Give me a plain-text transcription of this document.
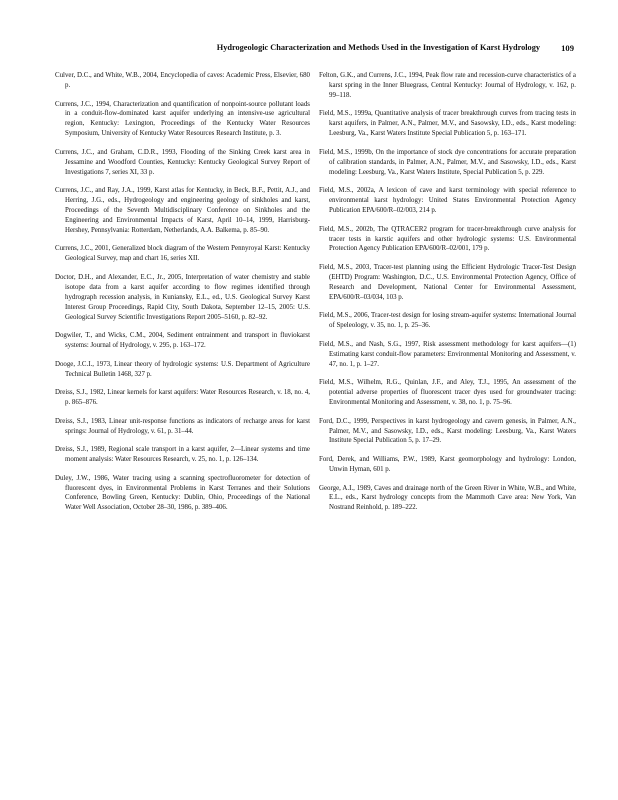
Hydrogeologic Characterization and Methods Used in the Investigation of Karst Hydrology 109

Culver, D.C., and White, W.B., 2004, Encyclopedia of caves: Academic Press, Elsevier, 680 p.

Currens, J.C., 1994, Characterization and quantification of nonpoint-source pollutant loads in a conduit-flow-dominated karst aquifer underlying an intensive-use agricultural region, Kentucky: Lexington, Proceedings of the Kentucky Water Resources Symposium, University of Kentucky Water Resources Research Institute, p. 3.

Currens, J.C., and Graham, C.D.R., 1993, Flooding of the Sinking Creek karst area in Jessamine and Woodford Counties, Kentucky: Kentucky Geological Survey Report of Investigations 7, series XI, 33 p.

Currens, J.C., and Ray, J.A., 1999, Karst atlas for Kentucky, in Beck, B.F., Pettit, A.J., and Herring, J.G., eds., Hydrogeology and engineering geology of sinkholes and karst, Proceedings of the Seventh Multidisciplinary Conference on Sinkholes and the Engineering and Environmental Impacts of Karst, April 10–14, 1999, Harrisburg-Hershey, Pennsylvania: Rotterdam, Netherlands, A.A. Balkema, p. 85–90.

Currens, J.C., 2001, Generalized block diagram of the Western Pennyroyal Karst: Kentucky Geological Survey, map and chart 16, series XII.

Doctor, D.H., and Alexander, E.C., Jr., 2005, Interpretation of water chemistry and stable isotope data from a karst aquifer according to flow regimes identified through hydrograph recession analysis, in Kuniansky, E.L., ed., U.S. Geological Survey Karst Interest Group Proceedings, Rapid City, South Dakota, September 12–15, 2005: U.S. Geological Survey Scientific Investigations Report 2005–5160, p. 82–92.

Dogwiler, T., and Wicks, C.M., 2004, Sediment entrainment and transport in fluviokarst systems: Journal of Hydrology, v. 295, p. 163–172.

Dooge, J.C.I., 1973, Linear theory of hydrologic systems: U.S. Department of Agriculture Technical Bulletin 1468, 327 p.

Dreiss, S.J., 1982, Linear kernels for karst aquifers: Water Resources Research, v. 18, no. 4, p. 865–876.

Dreiss, S.J., 1983, Linear unit-response functions as indicators of recharge areas for karst springs: Journal of Hydrology, v. 61, p. 31–44.

Dreiss, S.J., 1989, Regional scale transport in a karst aquifer, 2—Linear systems and time moment analysis: Water Resources Research, v. 25, no. 1, p. 126–134.

Duley, J.W., 1986, Water tracing using a scanning spectrofluorometer for detection of fluorescent dyes, in Environmental Problems in Karst Terranes and their Solutions Conference, Bowling Green, Kentucky: Dublin, Ohio, Proceedings of the National Water Well Association, October 28–30, 1986, p. 389–406.

Felton, G.K., and Currens, J.C., 1994, Peak flow rate and recession-curve characteristics of a karst spring in the Inner Bluegrass, Central Kentucky: Journal of Hydrology, v. 162, p. 99–118.

Field, M.S., 1999a, Quantitative analysis of tracer breakthrough curves from tracing tests in karst aquifers, in Palmer, A.N., Palmer, M.V., and Sasowsky, I.D., eds., Karst modeling: Leesburg, Va., Karst Waters Institute Special Publication 5, p. 163–171.

Field, M.S., 1999b, On the importance of stock dye concentrations for accurate preparation of calibration standards, in Palmer, A.N., Palmer, M.V., and Sasowsky, I.D., eds., Karst modeling: Leesburg, Va., Karst Waters Institute, Special Publication 5, p. 229.

Field, M.S., 2002a, A lexicon of cave and karst terminology with special reference to environmental karst hydrology: United States Environmental Protection Agency Publication EPA/600/R–02/003, 214 p.

Field, M.S., 2002b, The QTRACER2 program for tracer-breakthrough curve analysis for tracer tests in karstic aquifers and other hydrologic systems: U.S. Environmental Protection Agency Publication EPA/600/R–02/001, 179 p.

Field, M.S., 2003, Tracer-test planning using the Efficient Hydrologic Tracer-Test Design (EHTD) Program: Washington, D.C., U.S. Environmental Protection Agency, Office of Research and Development, National Center for Environmental Assessment, EPA/600/R–03/034, 103 p.

Field, M.S., 2006, Tracer-test design for losing stream-aquifer systems: International Journal of Speleology, v. 35, no. 1, p. 25–36.

Field, M.S., and Nash, S.G., 1997, Risk assessment methodology for karst aquifers—(1) Estimating karst conduit-flow parameters: Environmental Monitoring and Assessment, v. 47, no. 1, p. 1–27.

Field, M.S., Wilhelm, R.G., Quinlan, J.F., and Aley, T.J., 1995, An assessment of the potential adverse properties of fluorescent tracer dyes used for groundwater tracing: Environmental Monitoring and Assessment, v. 38, no. 1, p. 75–96.

Ford, D.C., 1999, Perspectives in karst hydrogeology and cavern genesis, in Palmer, A.N., Palmer, M.V., and Sasowsky, I.D., eds., Karst modeling: Leesburg, Va., Karst Waters Institute Special Publication 5, p. 17–29.

Ford, Derek, and Williams, P.W., 1989, Karst geomorphology and hydrology: London, Unwin Hyman, 601 p.

George, A.I., 1989, Caves and drainage north of the Green River in White, W.B., and White, E.L., eds., Karst hydrology concepts from the Mammoth Cave area: New York, Van Nostrand Reinhold, p. 189–222.
